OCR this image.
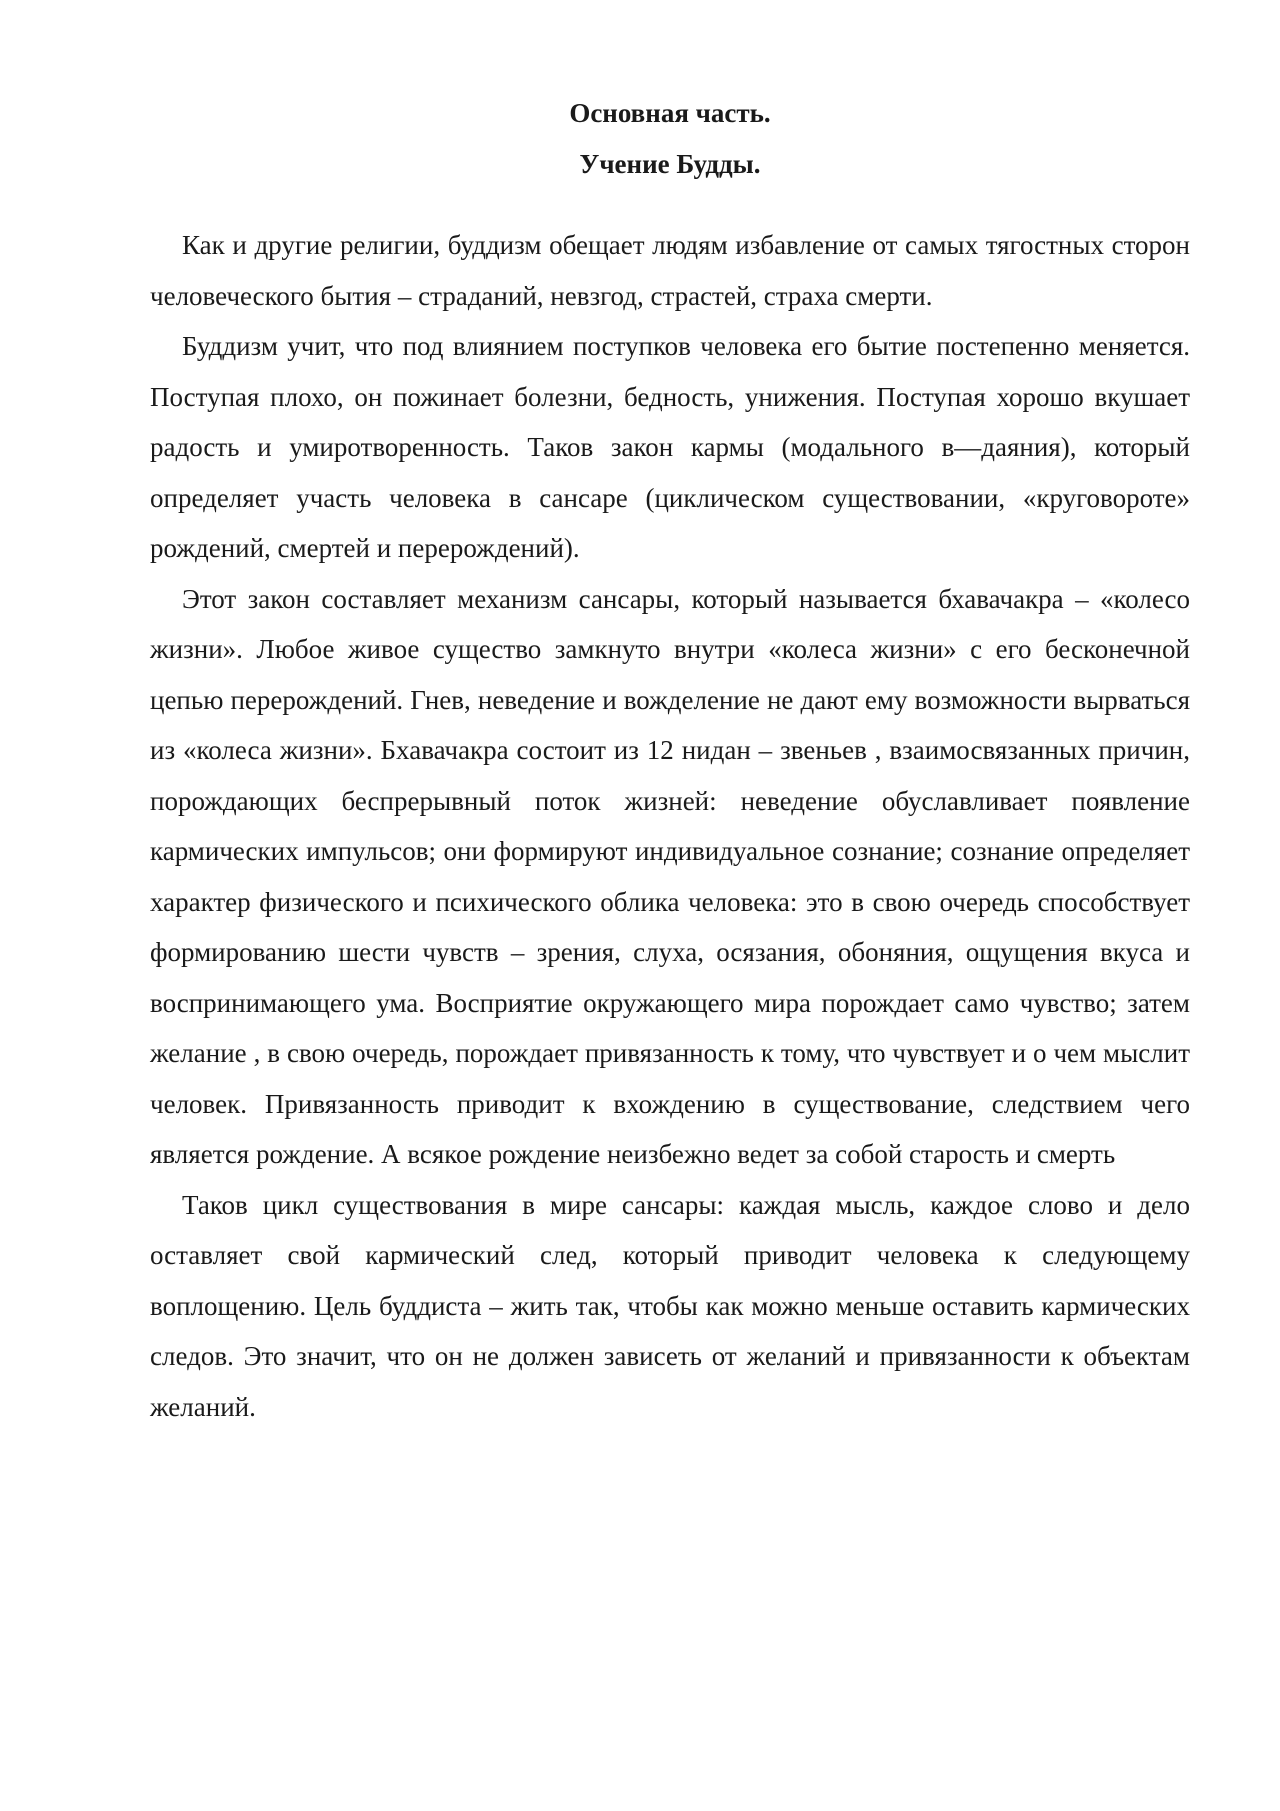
Основная часть.

Учение Будды.

Как и другие религии, буддизм обещает людям избавление от самых тягостных сторон человеческого бытия – страданий, невзгод, страстей, страха смерти.

Буддизм учит, что под влиянием поступков человека его бытие постепенно меняется. Поступая плохо, он пожинает болезни, бедность, унижения. Поступая хорошо вкушает радость и умиротворенность. Таков закон кармы (модального в—даяния), который определяет участь человека в сансаре (циклическом существовании, «круговороте» рождений, смертей и перерождений).

Этот закон составляет механизм сансары, который называется бхавачакра – «колесо жизни». Любое живое существо замкнуто внутри «колеса жизни» с его бесконечной цепью перерождений. Гнев, неведение и вожделение не дают ему возможности вырваться из «колеса жизни». Бхавачакра состоит из 12 нидан – звеньев , взаимосвязанных причин, порождающих беспрерывный поток жизней: неведение обуславливает появление кармических импульсов; они формируют индивидуальное сознание; сознание определяет характер физического и психического облика человека: это в свою очередь способствует формированию шести чувств – зрения, слуха, осязания, обоняния, ощущения вкуса и воспринимающего ума. Восприятие окружающего мира порождает само чувство; затем желание , в свою очередь, порождает привязанность к тому, что чувствует и о чем мыслит человек. Привязанность приводит к вхождению в существование, следствием чего является рождение. А всякое рождение неизбежно ведет за собой старость и смерть

Таков цикл существования в мире сансары: каждая мысль, каждое слово и дело оставляет свой кармический след, который приводит человека к следующему воплощению. Цель буддиста – жить так, чтобы как можно меньше оставить кармических следов. Это значит, что он не должен зависеть от желаний и привязанности к объектам желаний.
